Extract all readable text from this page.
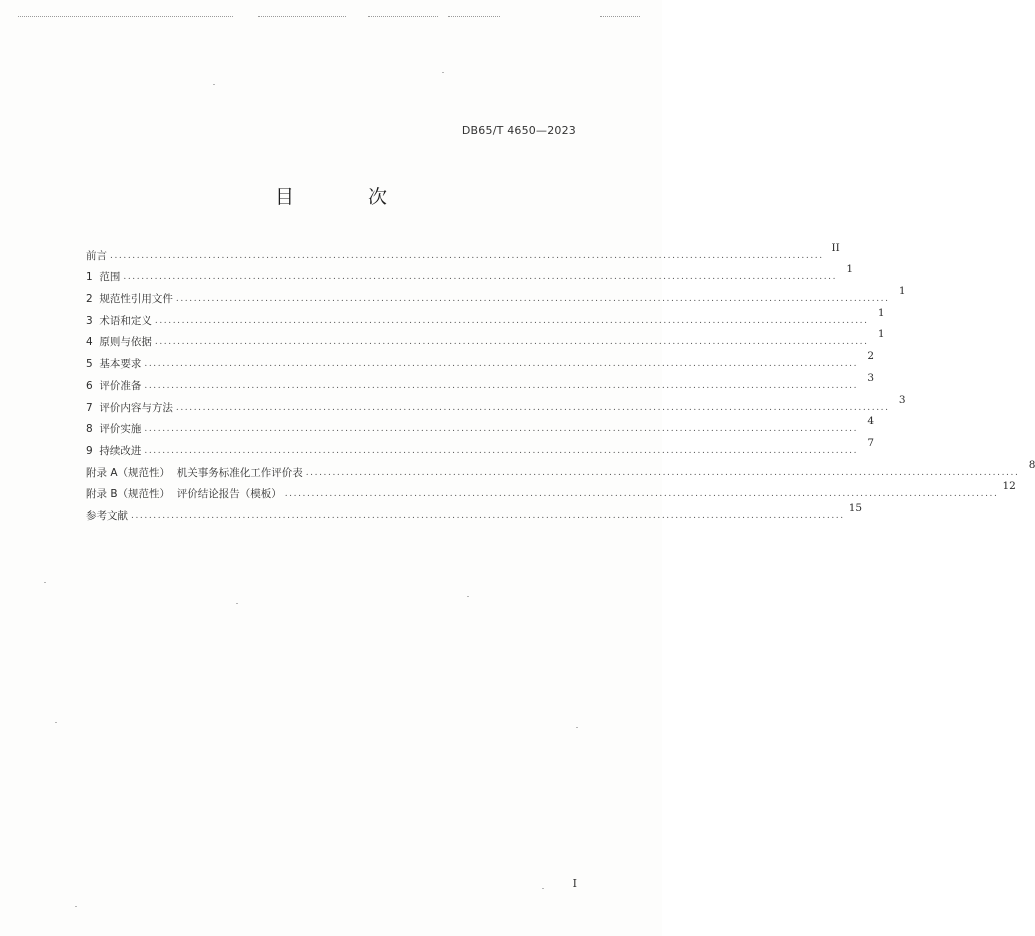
DB65/T 4650—2023
目 次
前言 ................................................................................................................................................................
II
1  范围 ................................................................................................................................................................
1
2  规范性引用文件 ................................................................................................................................................................
1
3  术语和定义 ................................................................................................................................................................
1
4  原则与依据 ................................................................................................................................................................
1
5  基本要求 ................................................................................................................................................................
2
6  评价准备 ................................................................................................................................................................
3
7  评价内容与方法 ................................................................................................................................................................
3
8  评价实施 ................................................................................................................................................................
4
9  持续改进 ................................................................................................................................................................
7
附录 A（规范性）  机关事务标准化工作评价表 ................................................................................................................................................................
8
附录 B（规范性）  评价结论报告（模板） ................................................................................................................................................................
12
参考文献 ................................................................................................................................................................
15
I
